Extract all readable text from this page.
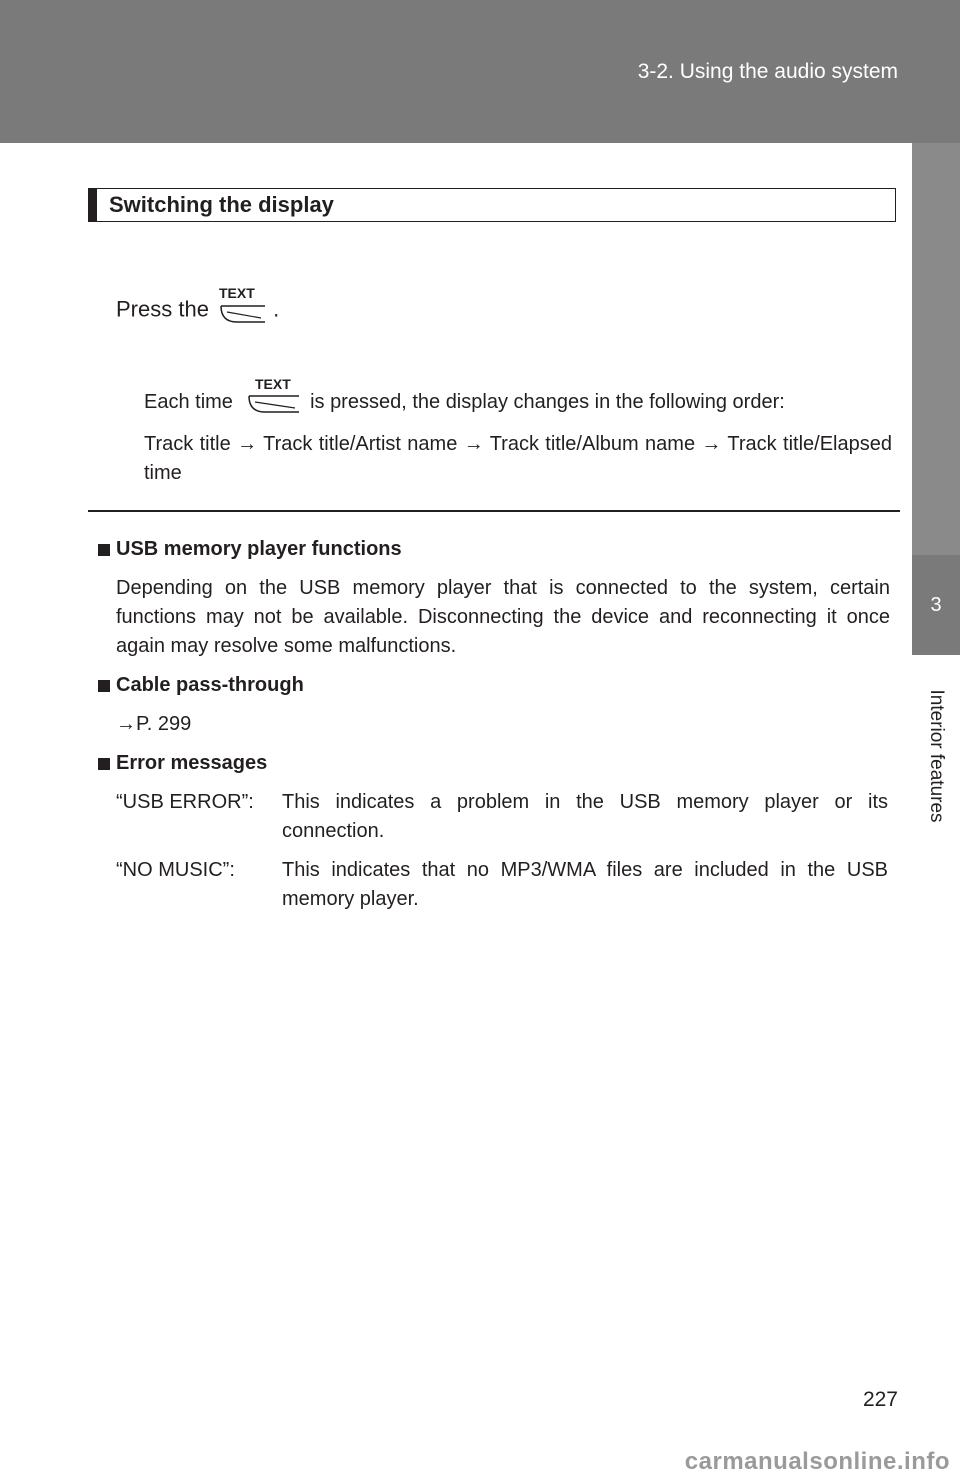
3-2. Using the audio system
3
Interior features
Switching the display
Press the
TEXT
.
Each time
TEXT
is pressed, the display changes in the following order:
Track title → Track title/Artist name → Track title/Album name → Track title/Elapsed time
USB memory player functions
Depending on the USB memory player that is connected to the system, certain functions may not be available. Disconnecting the device and reconnecting it once again may resolve some malfunctions.
Cable pass-through
→P. 299
Error messages
“USB ERROR”: This indicates a problem in the USB memory player or its connection.
“NO MUSIC”: This indicates that no MP3/WMA files are included in the USB memory player.
227
carmanualsonline.info
